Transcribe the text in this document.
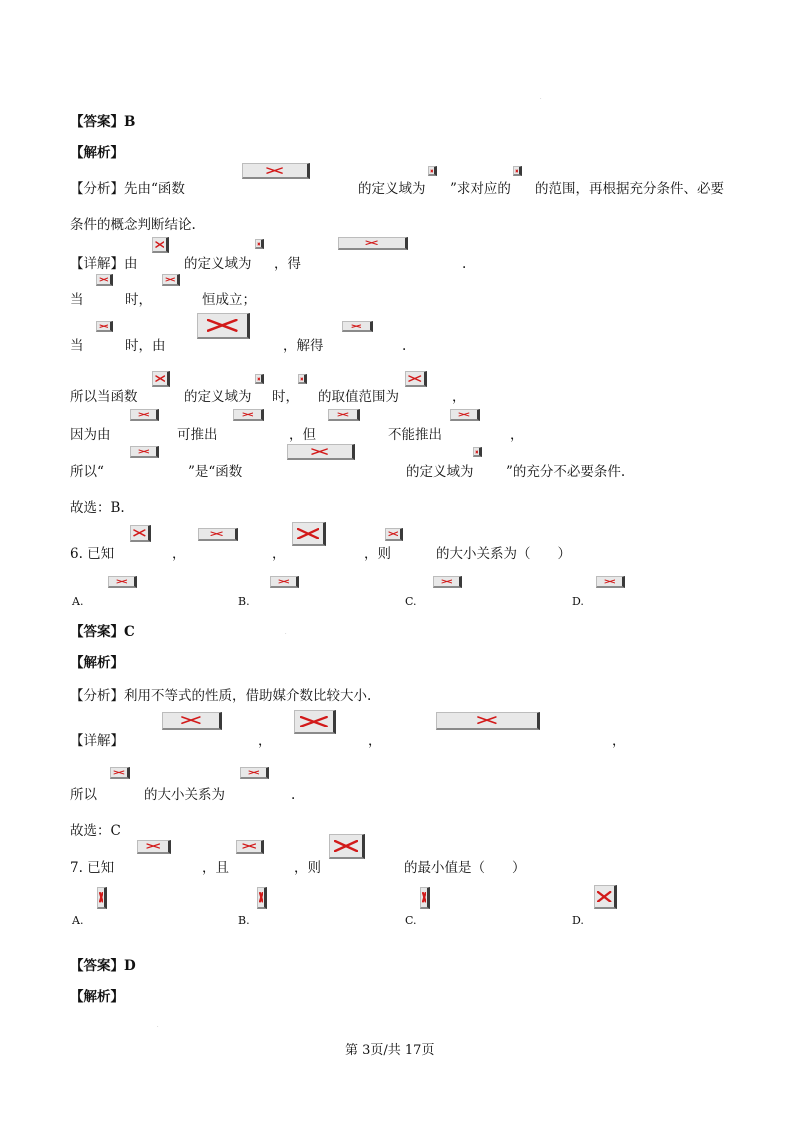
【答案】B
【解析】
【分析】先由“函数	的定义域为 ”求对应的 的范围，再根据充分条件、必要
条件的概念判断结论.
【详解】由	的定义域为 ，得	.
当	时，	恒成立；
当	时，由	，解得	.
所以当函数	的定义域为 时， 的取值范围为	，
因为由	可推出	，但	不能推出	，
所以“	”是“函数	的定义域为 ”的充分不必要条件.
故选：B.
6. 已知	，	，	，则	的大小关系为（　　）
A.	B.	C.	D.
【答案】C
【解析】
【分析】利用不等式的性质，借助媒介数比较大小.
【详解】	，	，	，
所以	的大小关系为	.
故选：C
7. 已知	，且	，则	的最小值是（　　）
A.	B.	C.	D.
【答案】D
【解析】
第 3页/共 17页
·
·
·
